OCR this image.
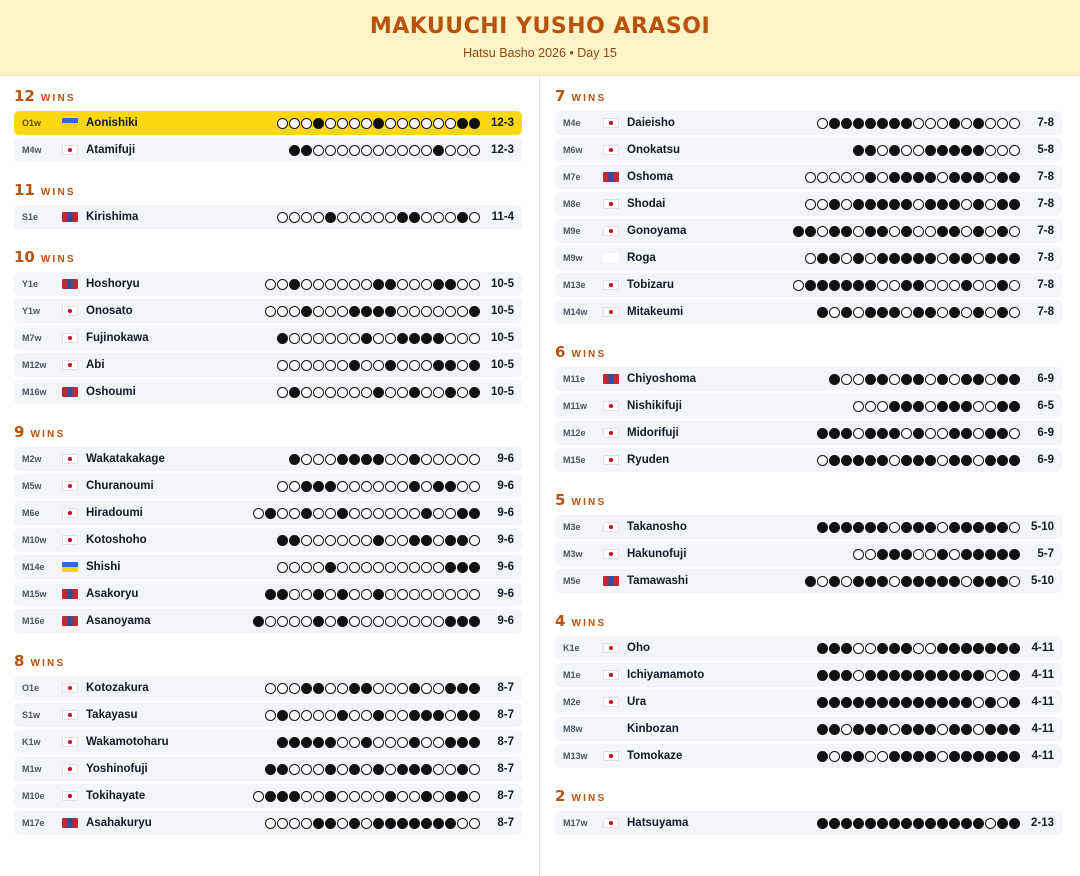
MAKUUCHI YUSHO ARASOI
Hatsu Basho 2026 • Day 15
12 WINS
O1w	Aonishiki	12-3
M4w	Atamifuji	12-3
11 WINS
S1e	Kirishima	11-4
10 WINS
Y1e	Hoshoryu	10-5
Y1w	Onosato	10-5
M7w	Fujinokawa	10-5
M12w	Abi	10-5
M16w	Oshoumi	10-5
9 WINS
M2w	Wakatakakage	9-6
M5w	Churanoumi	9-6
M6e	Hiradoumi	9-6
M10w	Kotoshoho	9-6
M14e	Shishi	9-6
M15w	Asakoryu	9-6
M16e	Asanoyama	9-6
8 WINS
O1e	Kotozakura	8-7
S1w	Takayasu	8-7
K1w	Wakamotoharu	8-7
M1w	Yoshinofuji	8-7
M10e	Tokihayate	8-7
M17e	Asahakuryu	8-7
7 WINS
M4e	Daieisho	7-8
M6w	Onokatsu	5-8
M7e	Oshoma	7-8
M8e	Shodai	7-8
M9e	Gonoyama	7-8
M9w	Roga	7-8
M13e	Tobizaru	7-8
M14w	Mitakeumi	7-8
6 WINS
M11e	Chiyoshoma	6-9
M11w	Nishikifuji	6-5
M12e	Midorifuji	6-9
M15e	Ryuden	6-9
5 WINS
M3e	Takanosho	5-10
M3w	Hakunofuji	5-7
M5e	Tamawashi	5-10
4 WINS
K1e	Oho	4-11
M1e	Ichiyamamoto	4-11
M2e	Ura	4-11
M8w	Kinbozan	4-11
M13w	Tomokaze	4-11
2 WINS
M17w	Hatsuyama	2-13
